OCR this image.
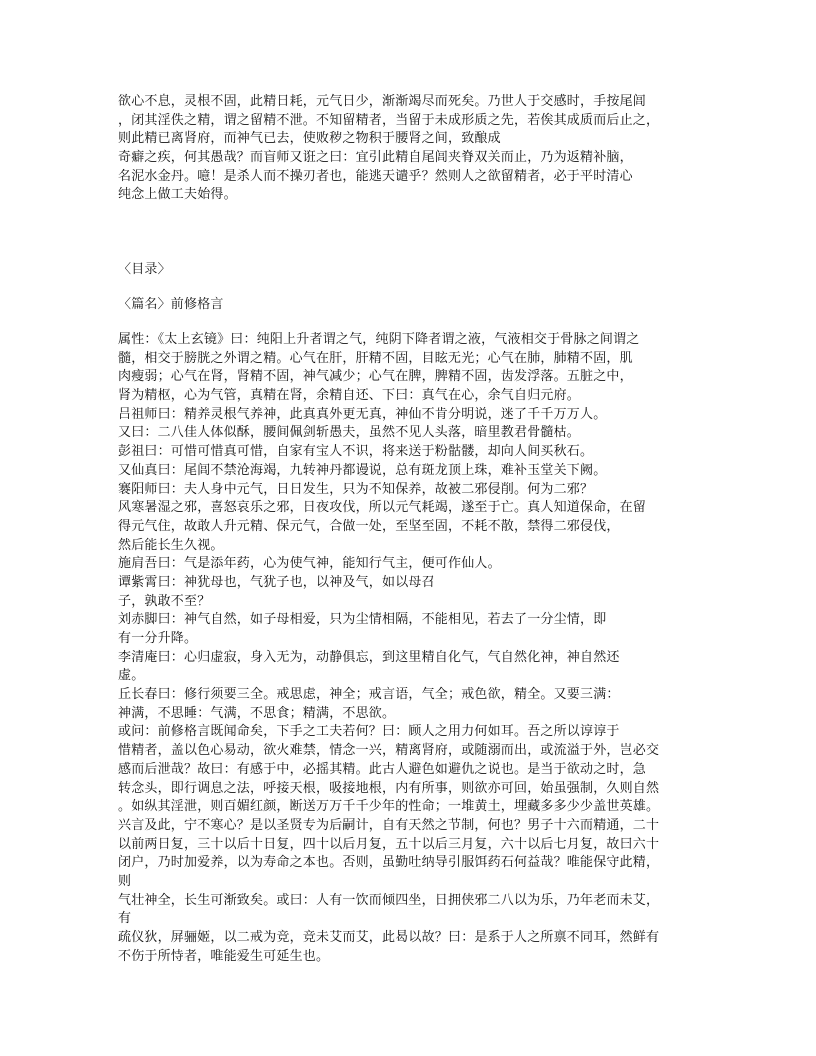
欲心不息，灵根不固，此精日耗，元气日少，渐渐竭尽而死矣。乃世人于交感时，手按尾闾
，闭其淫佚之精，谓之留精不泄。不知留精者，当留于未成形质之先，若俟其成质而后止之，
则此精已离肾府，而神气已去，使败秽之物积于腰肾之间，致酿成
奇癖之疾，何其愚哉？而盲师又诳之曰：宜引此精自尾闾夹脊双关而止，乃为返精补脑，
名泥水金丹。噫！是杀人而不操刃者也，能逃天谴乎？然则人之欲留精者，必于平时清心
纯念上做工夫始得。
〈目录〉
〈篇名〉前修格言
属性：《太上玄镜》曰：纯阳上升者谓之气，纯阴下降者谓之液，气液相交于骨脉之间谓之
髓，相交于膀胱之外谓之精。心气在肝，肝精不固，目眩无光；心气在肺，肺精不固，肌
肉瘦弱；心气在肾，肾精不固，神气减少；心气在脾，脾精不固，齿发浮落。五脏之中，
肾为精枢，心为气管，真精在肾，余精自还、下曰：真气在心，余气自归元府。
吕祖师曰：精养灵根气养神，此真真外更无真，神仙不肯分明说，迷了千千万万人。
又曰：二八佳人体似酥，腰间佩剑斩愚夫，虽然不见人头落，暗里教君骨髓枯。
彭祖曰：可惜可惜真可惜，自家有宝人不识，将来送于粉骷髅，却向人间买秋石。
又仙真曰：尾闾不禁沧海竭，九转神丹都谩说，总有斑龙顶上珠，难补玉堂关下阙。
褰阳师曰：夫人身中元气，日日发生，只为不知保养，故被二邪侵削。何为二邪？
风寒暑湿之邪，喜怒哀乐之邪，日夜攻伐，所以元气耗竭，遂至于亡。真人知道保命，在留
得元气住，故敢人升元精、保元气，合做一处，至坚至固，不耗不散，禁得二邪侵伐，
然后能长生久视。
施肩吾曰：气是添年药，心为使气神，能知行气主，便可作仙人。
谭紫霄曰：神犹母也，气犹子也，以神及气，如以母召
子，孰敢不至？
刘赤脚曰：神气自然，如子母相爱，只为尘情相隔，不能相见，若去了一分尘情，即
有一分升降。
李清庵曰：心归虚寂，身入无为，动静俱忘，到这里精自化气，气自然化神，神自然还
虚。
丘长春曰：修行须要三全。戒思虑，神全；戒言语，气全；戒色欲，精全。又要三满：
神满，不思睡：气满，不思食；精满，不思欲。
或问：前修格言既闻命矣，下手之工夫若何？曰：顾人之用力何如耳。吾之所以谆谆于
惜精者，盖以色心易动，欲火难禁，情念一兴，精离肾府，或随溺而出，或流溢于外，岂必交
感而后泄哉？故曰：有感于中，必摇其精。此古人避色如避仇之说也。是当于欲动之时，急
转念头，即行调息之法，呼接天根，吸接地根，内有所事，则欲亦可回，始虽强制，久则自然
。如纵其淫泄，则百媚红颜，断送万万千千少年的性命；一堆黄土，埋藏多多少少盖世英雄。
兴言及此，宁不寒心？是以圣贤专为后嗣计，自有天然之节制，何也？男子十六而精通，二十
以前两日复，三十以后十日复，四十以后月复，五十以后三月复，六十以后七月复，故曰六十
闭户，乃时加爱养，以为寿命之本也。否则，虽勤吐纳导引服饵药石何益哉？唯能保守此精，
则
气壮神全，长生可渐致矣。或曰：人有一饮而倾四坐，日拥侠邪二八以为乐，乃年老而未艾，
有
疏仪狄，屏骊姬，以二戒为竞，竞未艾而艾，此曷以故？曰：是系于人之所禀不同耳，然鲜有
不伤于所恃者，唯能爱生可延生也。
